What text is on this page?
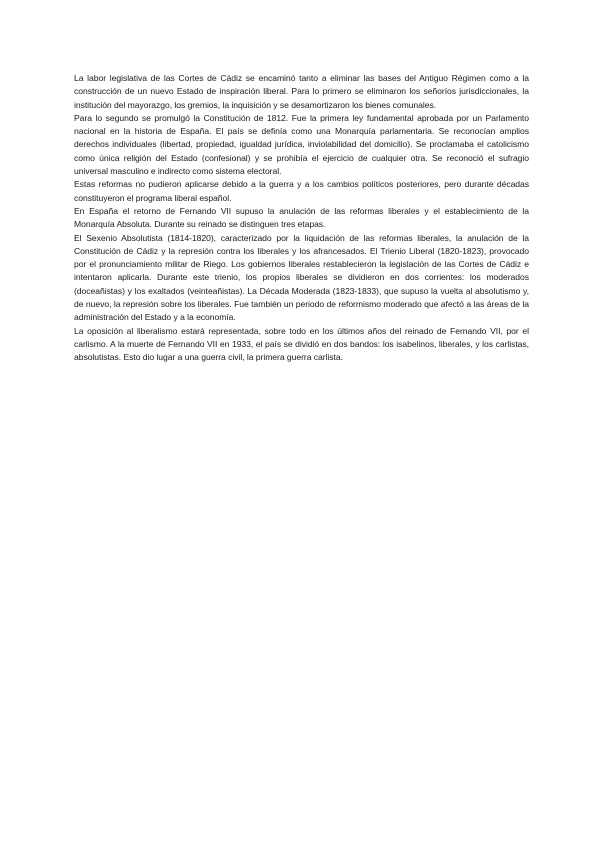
La labor legislativa de las Cortes de Cádiz se encaminó tanto a eliminar las bases del Antiguo Régimen como a la construcción de un nuevo Estado de inspiración liberal. Para lo primero se eliminaron los señoríos jurisdiccionales, la institución del mayorazgo, los gremios, la inquisición y se desamortizaron los bienes comunales.

Para lo segundo se promulgó la Constitución de 1812. Fue la primera ley fundamental aprobada por un Parlamento nacional en la historia de España. El país se definía como una Monarquía parlamentaria. Se reconocían amplios derechos individuales (libertad, propiedad, igualdad jurídica, inviolabilidad del domicilio). Se proclamaba el catolicismo como única religión del Estado (confesional) y se prohibía el ejercicio de cualquier otra. Se reconoció el sufragio universal masculino e indirecto como sistema electoral.

Estas reformas no pudieron aplicarse debido a la guerra y a los cambios políticos posteriores, pero durante décadas constituyeron el programa liberal español.

En España el retorno de Fernando VII supuso la anulación de las reformas liberales y el establecimiento de la Monarquía Absoluta. Durante su reinado se distinguen tres etapas.

El Sexenio Absolutista (1814-1820), caracterizado por la liquidación de las reformas liberales, la anulación de la Constitución de Cádiz y la represión contra los liberales y los afrancesados. El Trienio Liberal (1820-1823), provocado por el pronunciamiento militar de Riego. Los gobiernos liberales restablecieron la legislación de las Cortes de Cádiz e intentaron aplicarla. Durante este trienio, los propios liberales se dividieron en dos corrientes: los moderados (doceañistas) y los exaltados (veinteañistas). La Década Moderada (1823-1833), que supuso la vuelta al absolutismo y, de nuevo, la represión sobre los liberales. Fue también un periodo de reformismo moderado que afectó a las áreas de la administración del Estado y a la economía.

La oposición al liberalismo estará representada, sobre todo en los últimos años del reinado de Fernando VII, por el carlismo. A la muerte de Fernando VII en 1933, el país se dividió en dos bandos: los isabelinos, liberales, y los carlistas, absolutistas. Esto dio lugar a una guerra civil, la primera guerra carlista.
